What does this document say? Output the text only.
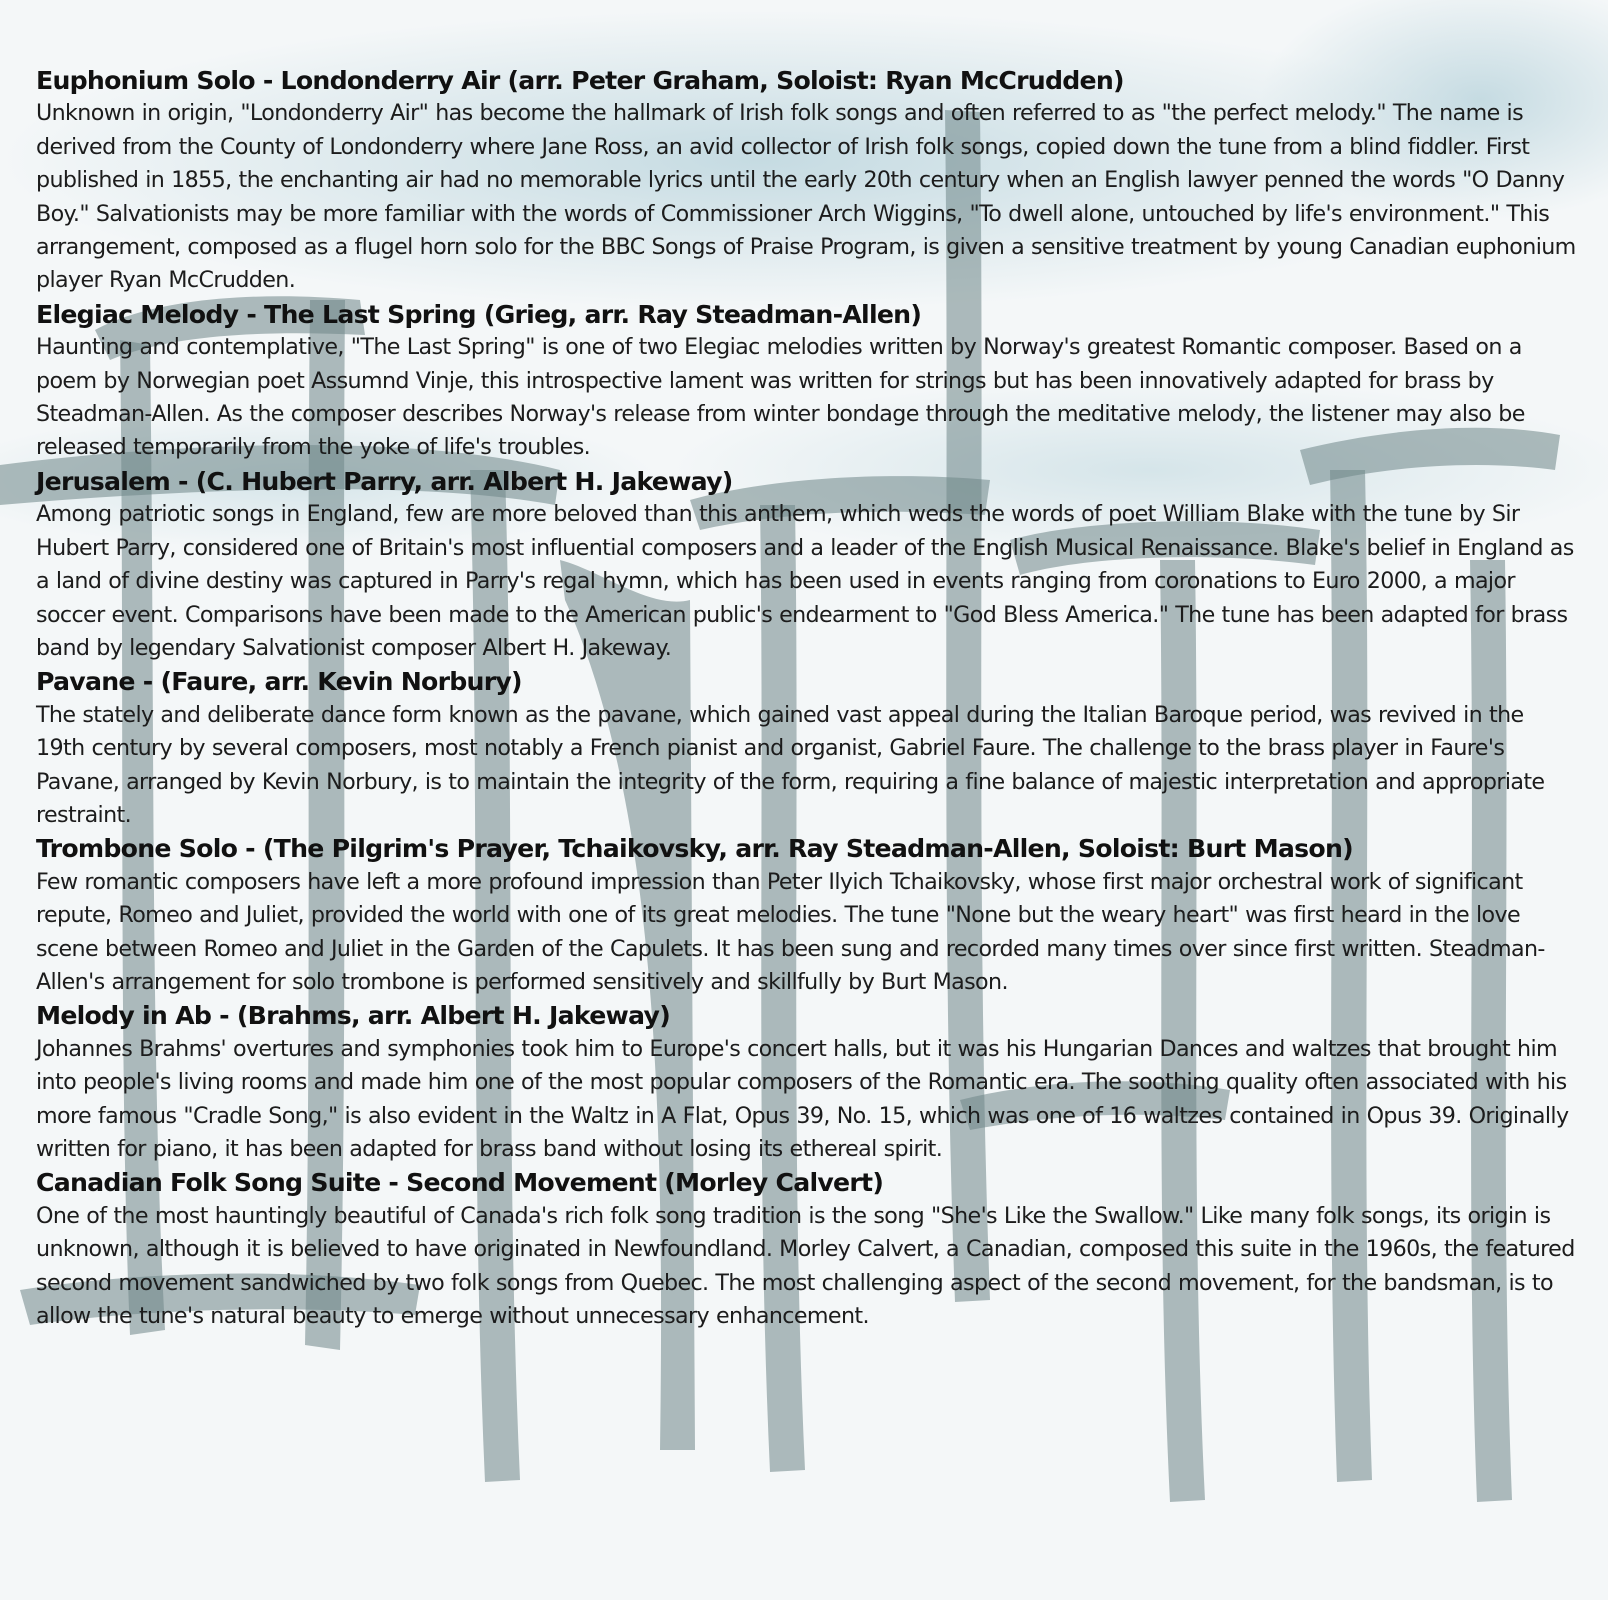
Euphonium Solo - Londonderry Air (arr. Peter Graham, Soloist: Ryan McCrudden)

Unknown in origin, "Londonderry Air" has become the hallmark of Irish folk songs and often referred to as "the perfect melody." The name is derived from the County of Londonderry where Jane Ross, an avid collector of Irish folk songs, copied down the tune from a blind fiddler. First published in 1855, the enchanting air had no memorable lyrics until the early 20th century when an English lawyer penned the words "O Danny Boy." Salvationists may be more familiar with the words of Commissioner Arch Wiggins, "To dwell alone, untouched by life's environment." This arrangement, composed as a flugel horn solo for the BBC Songs of Praise Program, is given a sensitive treatment by young Canadian euphonium player Ryan McCrudden.

Elegiac Melody - The Last Spring (Grieg, arr. Ray Steadman-Allen)

Haunting and contemplative, "The Last Spring" is one of two Elegiac melodies written by Norway's greatest Romantic composer. Based on a poem by Norwegian poet Assumnd Vinje, this introspective lament was written for strings but has been innovatively adapted for brass by Steadman-Allen. As the composer describes Norway's release from winter bondage through the meditative melody, the listener may also be released temporarily from the yoke of life's troubles.

Jerusalem - (C. Hubert Parry, arr. Albert H. Jakeway)

Among patriotic songs in England, few are more beloved than this anthem, which weds the words of poet William Blake with the tune by Sir Hubert Parry, considered one of Britain's most influential composers and a leader of the English Musical Renaissance. Blake's belief in England as a land of divine destiny was captured in Parry's regal hymn, which has been used in events ranging from coronations to Euro 2000, a major soccer event. Comparisons have been made to the American public's endearment to "God Bless America." The tune has been adapted for brass band by legendary Salvationist composer Albert H. Jakeway.

Pavane - (Faure, arr. Kevin Norbury)

The stately and deliberate dance form known as the pavane, which gained vast appeal during the Italian Baroque period, was revived in the 19th century by several composers, most notably a French pianist and organist, Gabriel Faure. The challenge to the brass player in Faure's Pavane, arranged by Kevin Norbury, is to maintain the integrity of the form, requiring a fine balance of majestic interpretation and appropriate restraint.

Trombone Solo - (The Pilgrim's Prayer, Tchaikovsky, arr. Ray Steadman-Allen, Soloist: Burt Mason)

Few romantic composers have left a more profound impression than Peter Ilyich Tchaikovsky, whose first major orchestral work of significant repute, Romeo and Juliet, provided the world with one of its great melodies. The tune "None but the weary heart" was first heard in the love scene between Romeo and Juliet in the Garden of the Capulets. It has been sung and recorded many times over since first written. Steadman-Allen's arrangement for solo trombone is performed sensitively and skillfully by Burt Mason.

Melody in Ab - (Brahms, arr. Albert H. Jakeway)

Johannes Brahms' overtures and symphonies took him to Europe's concert halls, but it was his Hungarian Dances and waltzes that brought him into people's living rooms and made him one of the most popular composers of the Romantic era. The soothing quality often associated with his more famous "Cradle Song," is also evident in the Waltz in A Flat, Opus 39, No. 15, which was one of 16 waltzes contained in Opus 39. Originally written for piano, it has been adapted for brass band without losing its ethereal spirit.

Canadian Folk Song Suite - Second Movement (Morley Calvert)

One of the most hauntingly beautiful of Canada's rich folk song tradition is the song "She's Like the Swallow." Like many folk songs, its origin is unknown, although it is believed to have originated in Newfoundland. Morley Calvert, a Canadian, composed this suite in the 1960s, the featured second movement sandwiched by two folk songs from Quebec. The most challenging aspect of the second movement, for the bandsman, is to allow the tune's natural beauty to emerge without unnecessary enhancement.
